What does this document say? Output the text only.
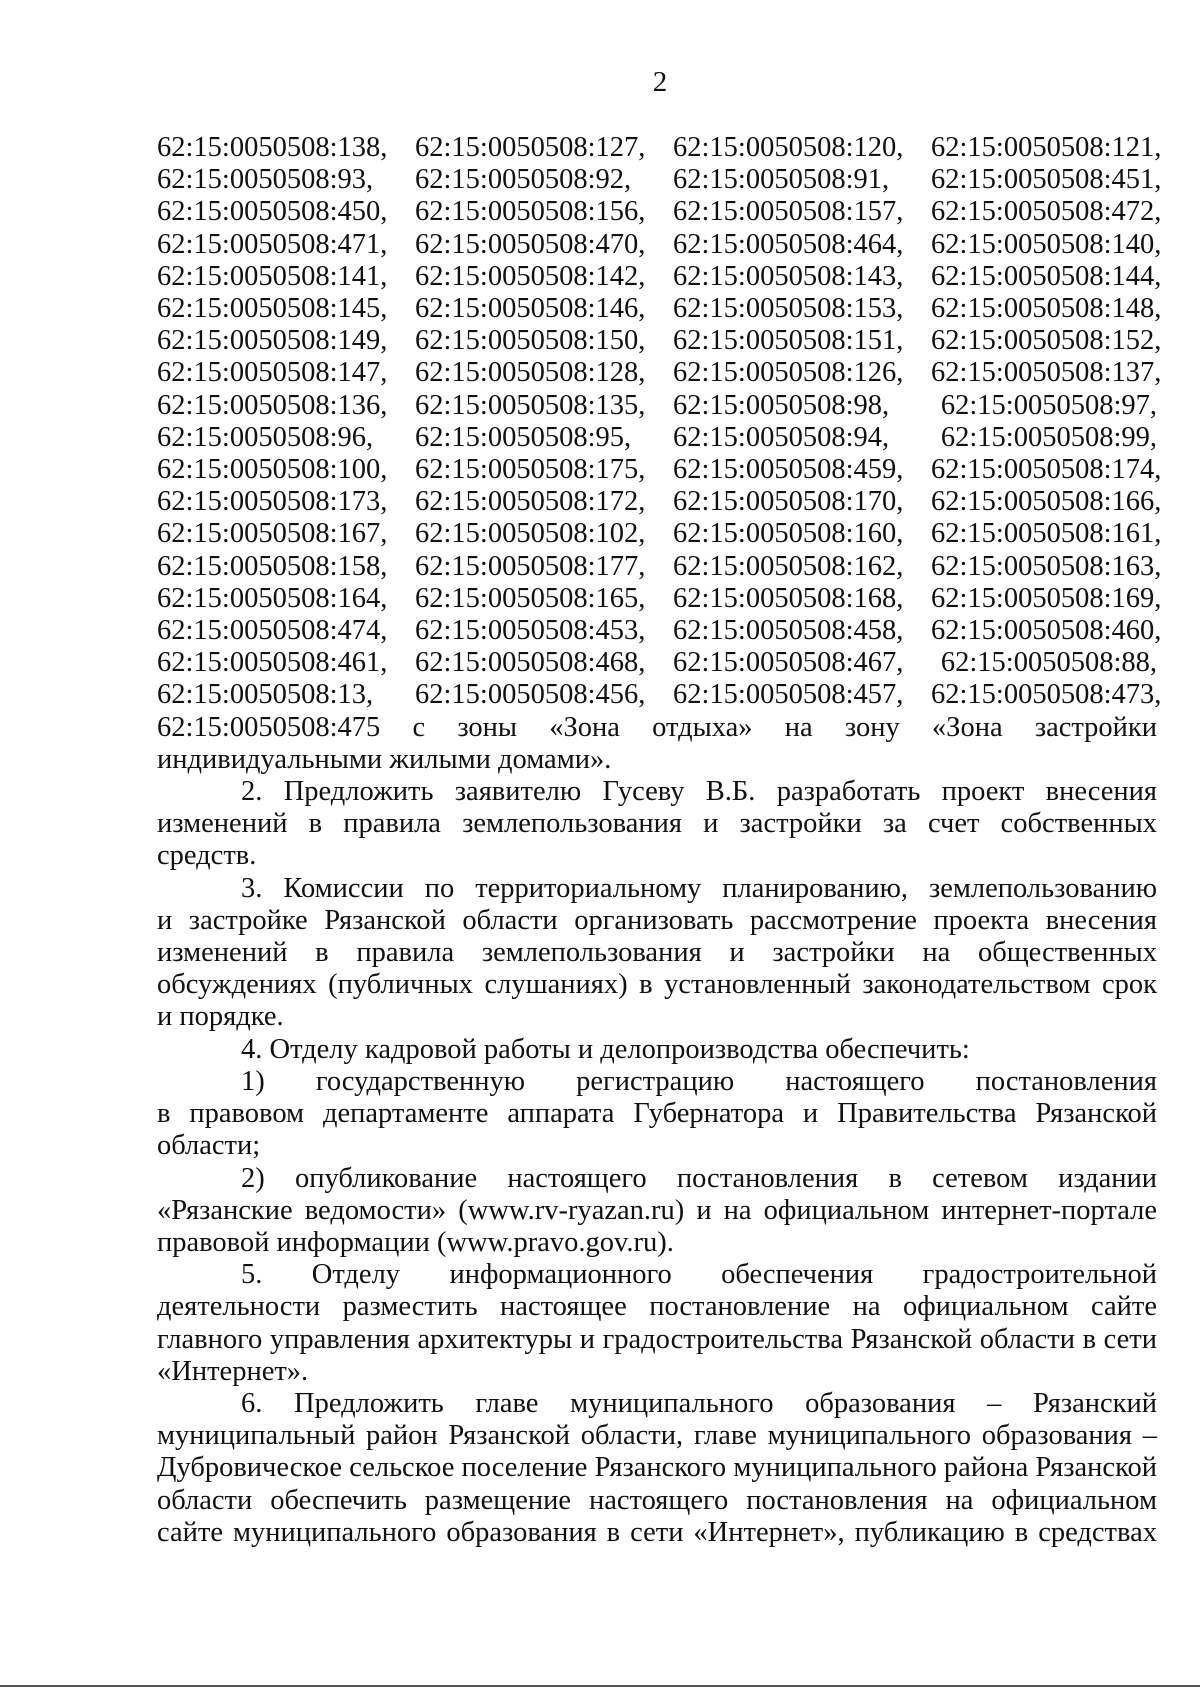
2
62:15:0050508:138, 62:15:0050508:127, 62:15:0050508:120, 62:15:0050508:121,
62:15:0050508:93,	62:15:0050508:92,	62:15:0050508:91,	62:15:0050508:451,
62:15:0050508:450, 62:15:0050508:156, 62:15:0050508:157, 62:15:0050508:472,
62:15:0050508:471, 62:15:0050508:470, 62:15:0050508:464, 62:15:0050508:140,
62:15:0050508:141, 62:15:0050508:142, 62:15:0050508:143, 62:15:0050508:144,
62:15:0050508:145, 62:15:0050508:146, 62:15:0050508:153, 62:15:0050508:148,
62:15:0050508:149, 62:15:0050508:150, 62:15:0050508:151, 62:15:0050508:152,
62:15:0050508:147, 62:15:0050508:128, 62:15:0050508:126, 62:15:0050508:137,
62:15:0050508:136, 62:15:0050508:135, 62:15:0050508:98,	62:15:0050508:97,
62:15:0050508:96,	62:15:0050508:95,	62:15:0050508:94,	62:15:0050508:99,
62:15:0050508:100, 62:15:0050508:175, 62:15:0050508:459, 62:15:0050508:174,
62:15:0050508:173, 62:15:0050508:172, 62:15:0050508:170, 62:15:0050508:166,
62:15:0050508:167, 62:15:0050508:102, 62:15:0050508:160, 62:15:0050508:161,
62:15:0050508:158, 62:15:0050508:177, 62:15:0050508:162, 62:15:0050508:163,
62:15:0050508:164, 62:15:0050508:165, 62:15:0050508:168, 62:15:0050508:169,
62:15:0050508:474, 62:15:0050508:453, 62:15:0050508:458, 62:15:0050508:460,
62:15:0050508:461, 62:15:0050508:468, 62:15:0050508:467,	62:15:0050508:88,
62:15:0050508:13,	62:15:0050508:456, 62:15:0050508:457, 62:15:0050508:473,
62:15:0050508:475 с зоны «Зона отдыха» на зону «Зона застройки
индивидуальными жилыми домами».
2. Предложить заявителю Гусеву В.Б. разработать проект внесения
изменений в правила землепользования и застройки за счет собственных
средств.
3. Комиссии по территориальному планированию, землепользованию
и застройке Рязанской области организовать рассмотрение проекта внесения
изменений в правила землепользования и застройки на общественных
обсуждениях (публичных слушаниях) в установленный законодательством срок
и порядке.
4. Отделу кадровой работы и делопроизводства обеспечить:
1) государственную регистрацию настоящего постановления
в правовом департаменте аппарата Губернатора и Правительства Рязанской
области;
2) опубликование настоящего постановления в сетевом издании
«Рязанские ведомости» (www.rv-ryazan.ru) и на официальном интернет-портале
правовой информации (www.pravo.gov.ru).
5. Отделу информационного обеспечения градостроительной
деятельности разместить настоящее постановление на официальном сайте
главного управления архитектуры и градостроительства Рязанской области в сети
«Интернет».
6. Предложить главе муниципального образования – Рязанский
муниципальный район Рязанской области, главе муниципального образования –
Дубровическое сельское поселение Рязанского муниципального района Рязанской
области обеспечить размещение настоящего постановления на официальном
сайте муниципального образования в сети «Интернет», публикацию в средствах
